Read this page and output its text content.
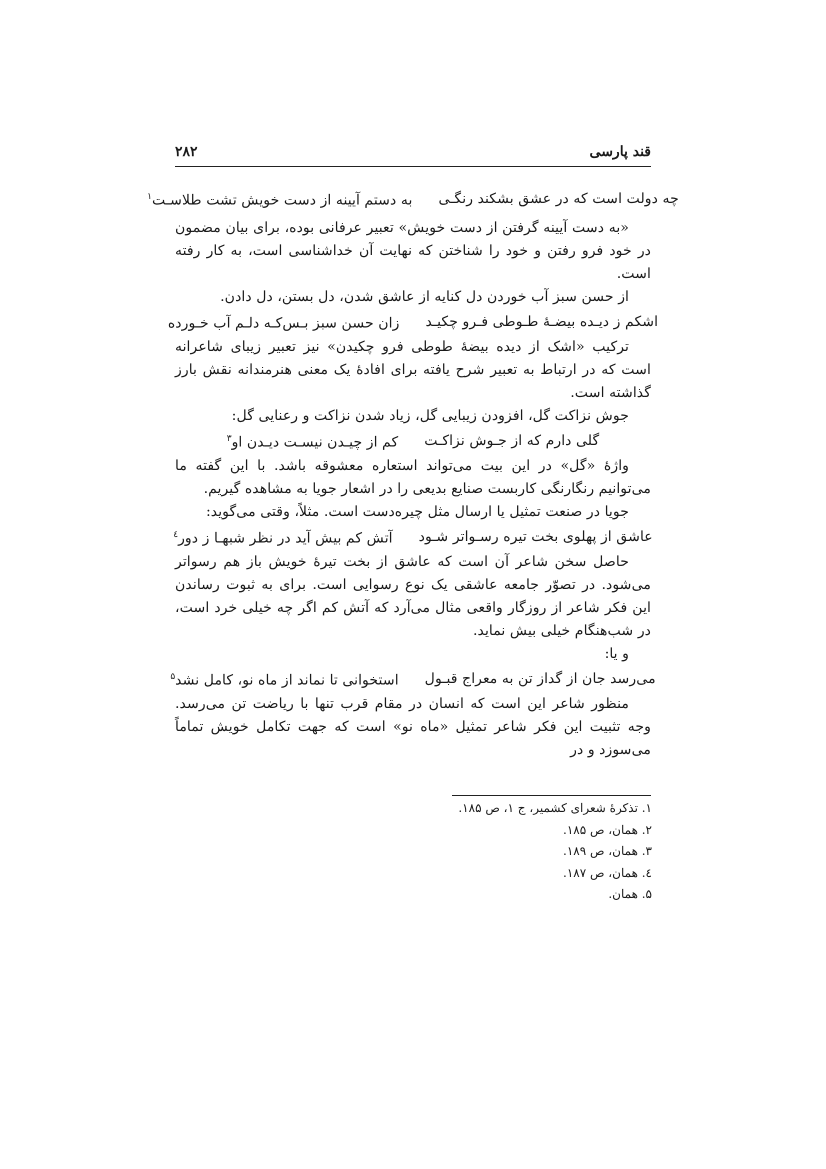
قند پارسی
۲۸۲
چه دولت است که در عشق بشکند رنگـی
به دستم آیینه از دست خویش تشت طلاسـت$^۱$
«به دست آیینه گرفتن از دست خویش» تعبیر عرفانی بوده، برای بیان مضمون در خود فرو رفتن و خود را شناختن که نهایت آن خداشناسی است، به کار رفته است.
از حسن سبز آب خوردن دل کنایه از عاشق شدن، دل بستن، دل دادن.
اشکم ز دیـده بیضـهٔ طـوطی فـرو چکیـد
زان حسن سبز بـس‌کـه دلـم آب خـورده
ترکیب «اشک از دیده بیضهٔ طوطی فرو چکیدن» نیز تعبیر زیبای شاعرانه است که در ارتباط به تعبیر شرح یافته برای افادهٔ یک معنی هنرمندانه نقش بارز گذاشته است.
جوش نزاکت گل، افزودن زیبایی گل، زیاد شدن نزاکت و رعنایی گل:
گلی دارم که از جـوش نزاکـت
کم از چیـدن نیسـت دیـدن او$^۳$
واژهٔ «گل» در این بیت می‌تواند استعاره معشوقه باشد. با این گفته ما می‌توانیم رنگارنگی کاربست صنایع بدیعی را در اشعار جویا به مشاهده گیریم.
جویا در صنعت تمثیل یا ارسال مثل چیره‌دست است. مثلاً، وقتی می‌گوید:
عاشق از پهلوی بخت تیره رسـواتر شـود
آتش کم بیش آید در نظر شبهـا ز دور$^٤$
حاصل سخن شاعر آن است که عاشق از بخت تیرهٔ خویش باز هم رسواتر می‌شود. در تصوّر جامعه عاشقی یک نوع رسوایی است. برای به ثبوت رساندن این فکر شاعر از روزگار واقعی مثال می‌آرد که آتش کم اگر چه خیلی خرد است، در شب‌هنگام خیلی بیش نماید.
و یا:
می‌رسد جان از گداز تن به معراج قبـول
استخوانی تا نماند از ماه نو، کامل نشد$^۵$
منظور شاعر این است که انسان در مقام قرب تنها با ریاضت تن می‌رسد. وجه تثبیت این فکر شاعر تمثیل «ماه نو» است که جهت تکامل خویش تماماً می‌سوزد و در
۱. تذکرهٔ شعرای کشمیر، ج ۱، ص ۱۸۵.
۲. همان، ص ۱۸۵.
۳. همان، ص ۱۸۹.
٤. همان، ص ۱۸۷.
۵. همان.
